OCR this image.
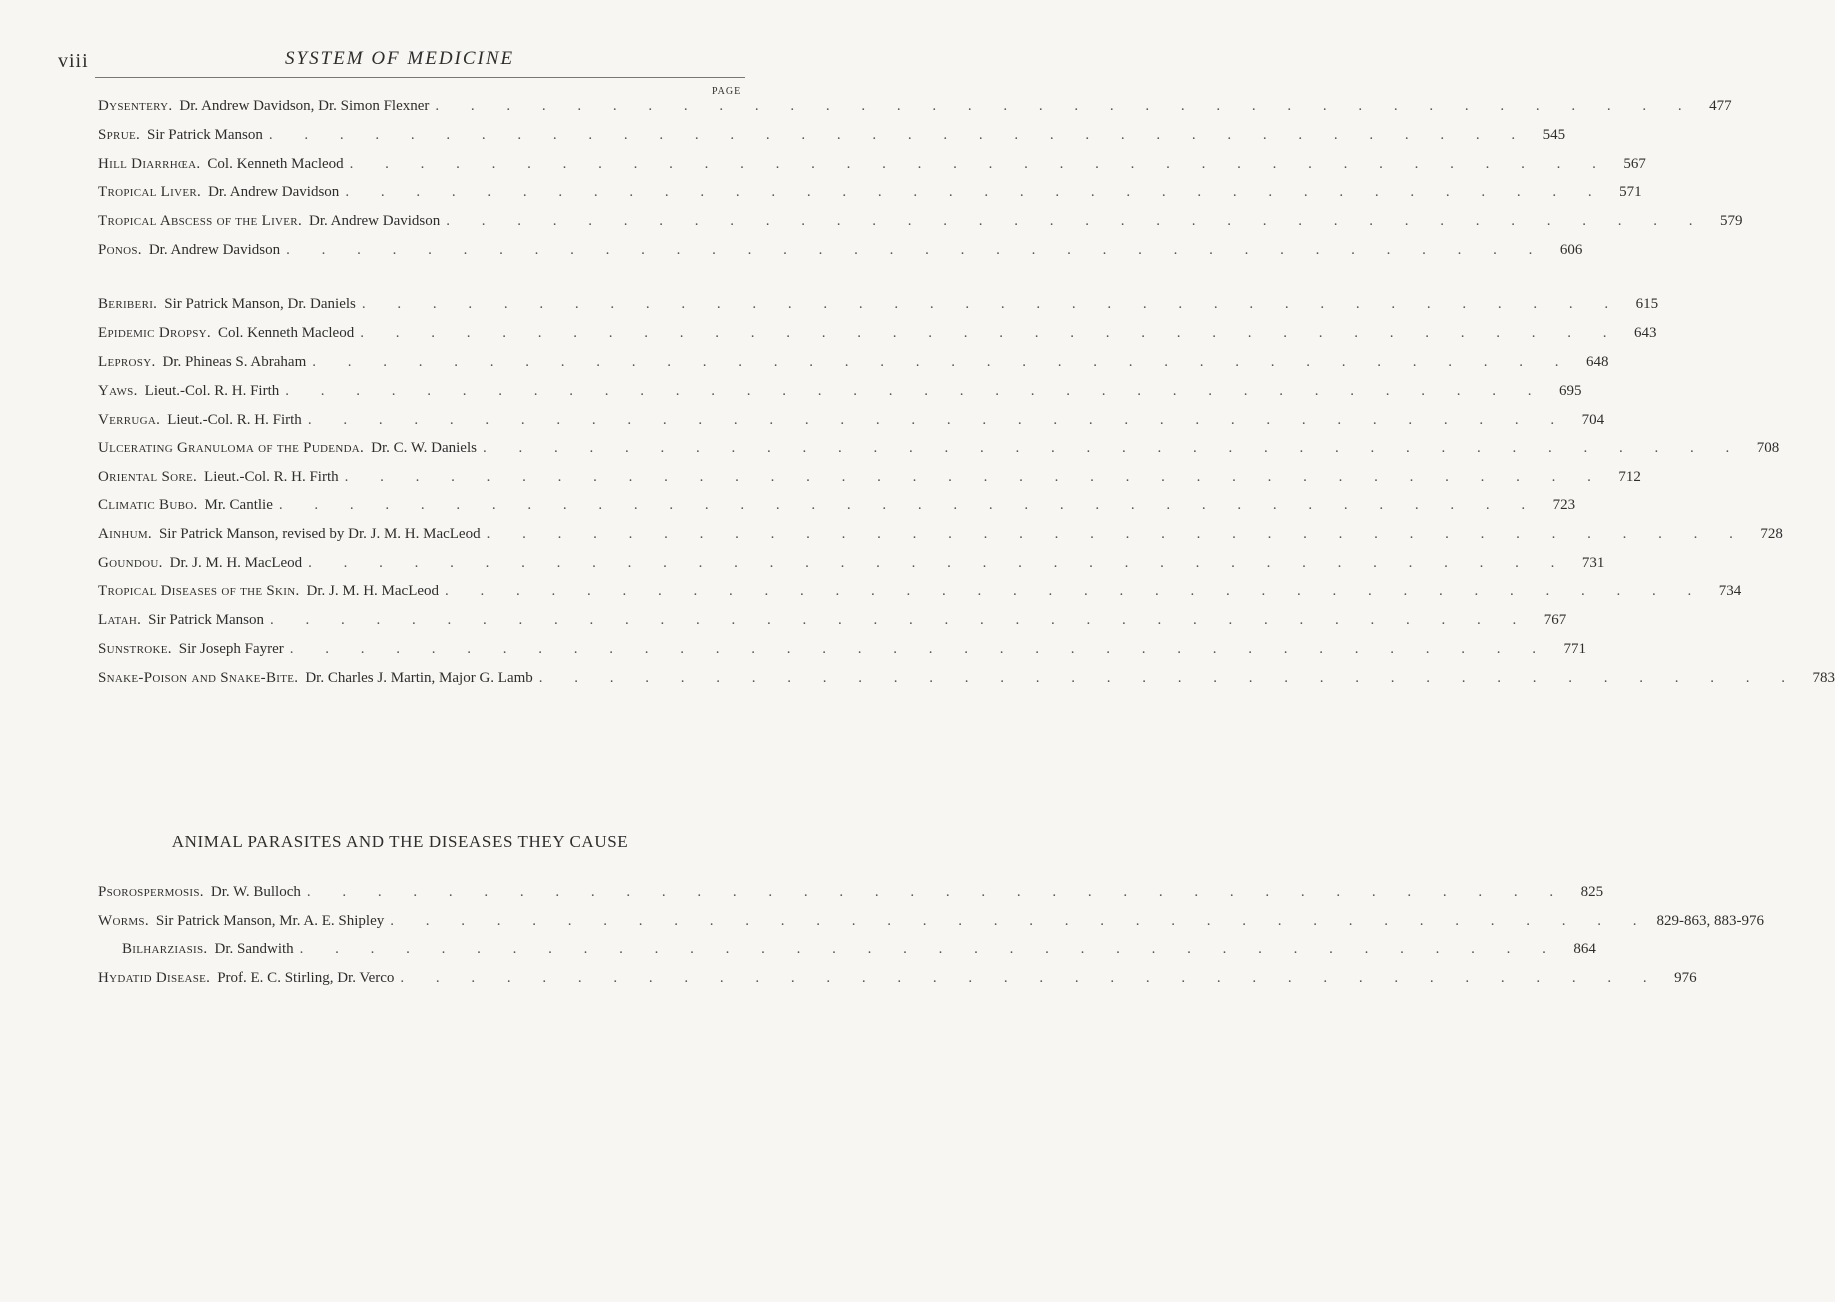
viii	SYSTEM OF MEDICINE
PAGE
Dysentery. Dr. Andrew Davidson, Dr. Simon Flexner . . . . . . . . . . . . . . . . . . . . . . . . . . . . . . . . . . . . 477
Sprue. Sir Patrick Manson . . . . . . . . . . . . . . . . . . . . . . . . . . . . . . . . . . . . 545
Hill Diarrhœa. Col. Kenneth Macleod . . . . . . . . . . . . . . . . . . . . . . . . . . . . . . . . . . . . 567
Tropical Liver. Dr. Andrew Davidson . . . . . . . . . . . . . . . . . . . . . . . . . . . . . . . . . . . . 571
Tropical Abscess of the Liver. Dr. Andrew Davidson . . . . . . . . . . . . . . . . . . . . . . . . . . . . . . . . . . . . 579
Ponos. Dr. Andrew Davidson . . . . . . . . . . . . . . . . . . . . . . . . . . . . . . . . . . . . 606
Beriberi. Sir Patrick Manson, Dr. Daniels . . . . . . . . . . . . . . . . . . . . . . . . . . . . . . . . . . . . 615
Epidemic Dropsy. Col. Kenneth Macleod . . . . . . . . . . . . . . . . . . . . . . . . . . . . . . . . . . . . 643
Leprosy. Dr. Phineas S. Abraham . . . . . . . . . . . . . . . . . . . . . . . . . . . . . . . . . . . . 648
Yaws. Lieut.-Col. R. H. Firth . . . . . . . . . . . . . . . . . . . . . . . . . . . . . . . . . . . . 695
Verruga. Lieut.-Col. R. H. Firth . . . . . . . . . . . . . . . . . . . . . . . . . . . . . . . . . . . . 704
Ulcerating Granuloma of the Pudenda. Dr. C. W. Daniels . . . . . . . . . . . . . . . . . . . . . . . . . . . . . . . . . . . . 708
Oriental Sore. Lieut.-Col. R. H. Firth . . . . . . . . . . . . . . . . . . . . . . . . . . . . . . . . . . . . 712
Climatic Bubo. Mr. Cantlie . . . . . . . . . . . . . . . . . . . . . . . . . . . . . . . . . . . . 723
Ainhum. Sir Patrick Manson, revised by Dr. J. M. H. MacLeod . . . . . . . . . . . . . . . . . . . . . . . . . . . . . . . . . . . . 728
Goundou. Dr. J. M. H. MacLeod . . . . . . . . . . . . . . . . . . . . . . . . . . . . . . . . . . . . 731
Tropical Diseases of the Skin. Dr. J. M. H. MacLeod . . . . . . . . . . . . . . . . . . . . . . . . . . . . . . . . . . . . 734
Latah. Sir Patrick Manson . . . . . . . . . . . . . . . . . . . . . . . . . . . . . . . . . . . . 767
Sunstroke. Sir Joseph Fayrer . . . . . . . . . . . . . . . . . . . . . . . . . . . . . . . . . . . . 771
Snake-Poison and Snake-Bite. Dr. Charles J. Martin, Major G. Lamb . . . . . . . . . . . . . . . . . . . . . . . . . . . . . . . . . . . . 783
ANIMAL PARASITES AND THE DISEASES THEY CAUSE
Psorospermosis. Dr. W. Bulloch . . . . . . . . . . . . . . . . . . . . . . . . . . . . . . . . . . . . 825
Worms. Sir Patrick Manson, Mr. A. E. Shipley . . . . . . . . . . . . . . . . . . . . . . . . . . . . . . . . . . . . 829-863, 883-976
Bilharziasis. Dr. Sandwith . . . . . . . . . . . . . . . . . . . . . . . . . . . . . . . . . . . . 864
Hydatid Disease. Prof. E. C. Stirling, Dr. Verco . . . . . . . . . . . . . . . . . . . . . . . . . . . . . . . . . . . . 976
